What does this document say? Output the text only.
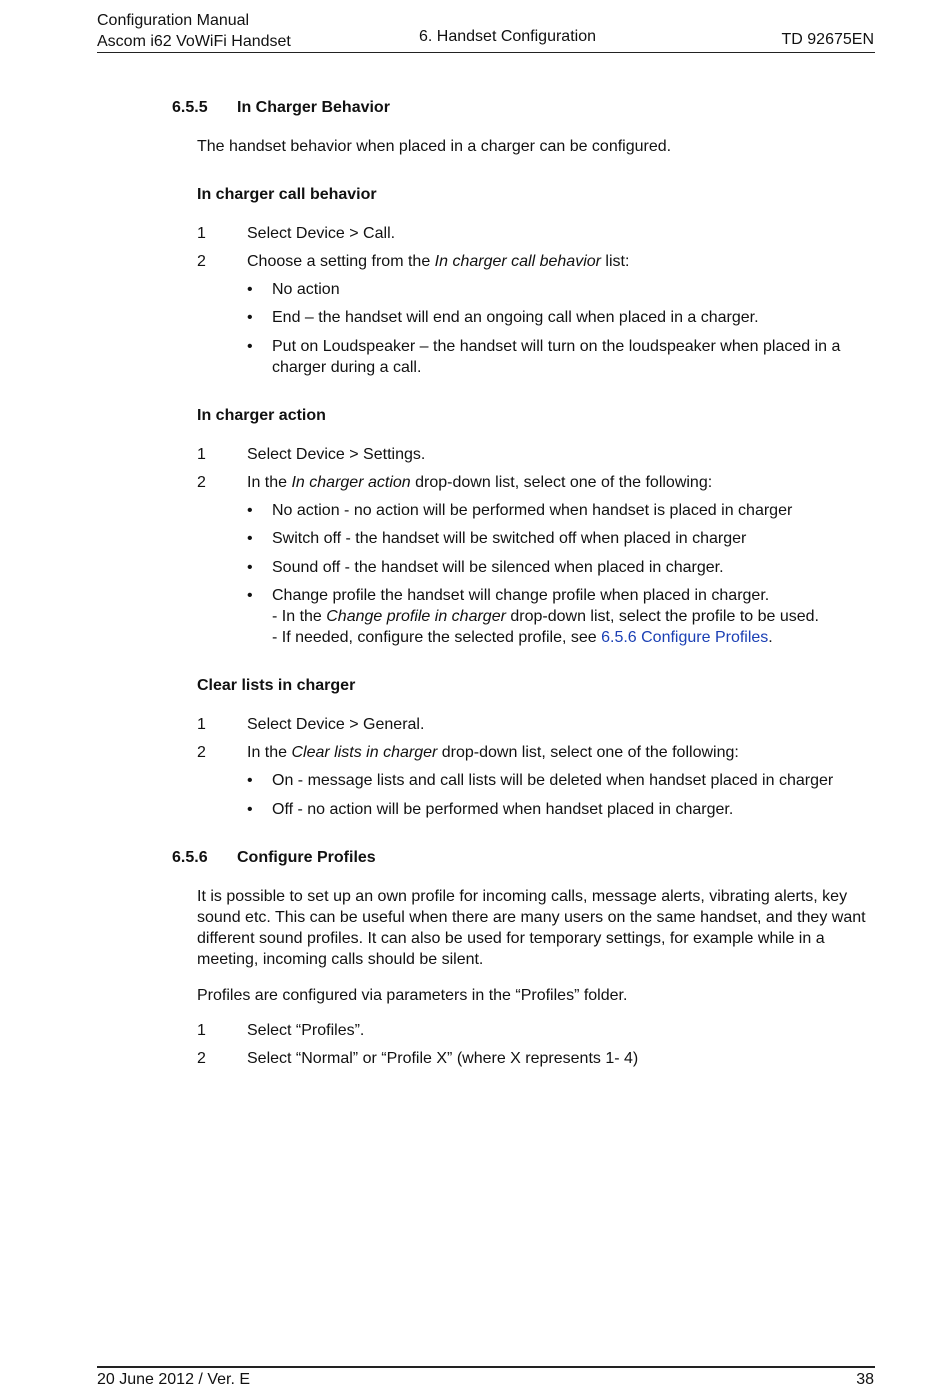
Configuration Manual
Ascom i62 VoWiFi Handset	6. Handset Configuration	TD 92675EN
6.5.5 In Charger Behavior
The handset behavior when placed in a charger can be configured.
In charger call behavior
1	Select Device > Call.
2	Choose a setting from the In charger call behavior list:
• No action
• End – the handset will end an ongoing call when placed in a charger.
• Put on Loudspeaker – the handset will turn on the loudspeaker when placed in a charger during a call.
In charger action
1	Select Device > Settings.
2	In the In charger action drop-down list, select one of the following:
• No action - no action will be performed when handset is placed in charger
• Switch off - the handset will be switched off when placed in charger
• Sound off - the handset will be silenced when placed in charger.
• Change profile the handset will change profile when placed in charger.
- In the Change profile in charger drop-down list, select the profile to be used.
- If needed, configure the selected profile, see 6.5.6 Configure Profiles.
Clear lists in charger
1	Select Device > General.
2	In the Clear lists in charger drop-down list, select one of the following:
• On - message lists and call lists will be deleted when handset placed in charger
• Off - no action will be performed when handset placed in charger.
6.5.6 Configure Profiles
It is possible to set up an own profile for incoming calls, message alerts, vibrating alerts, key sound etc. This can be useful when there are many users on the same handset, and they want different sound profiles. It can also be used for temporary settings, for example while in a meeting, incoming calls should be silent.
Profiles are configured via parameters in the “Profiles” folder.
1	Select “Profiles”.
2	Select “Normal” or “Profile X” (where X represents 1- 4)
20 June 2012 / Ver. E	38
